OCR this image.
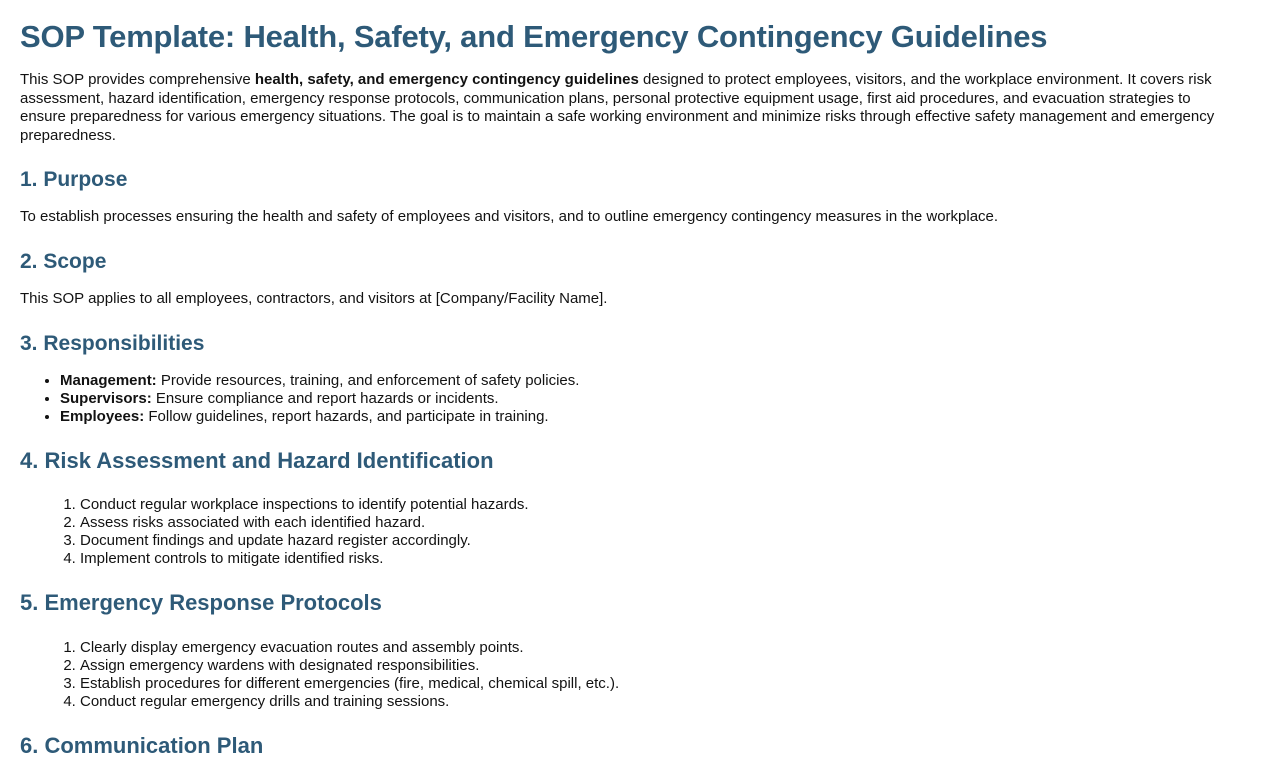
SOP Template: Health, Safety, and Emergency Contingency Guidelines

This SOP provides comprehensive health, safety, and emergency contingency guidelines designed to protect employees, visitors, and the workplace environment. It covers risk assessment, hazard identification, emergency response protocols, communication plans, personal protective equipment usage, first aid procedures, and evacuation strategies to ensure preparedness for various emergency situations. The goal is to maintain a safe working environment and minimize risks through effective safety management and emergency preparedness.

1. Purpose

To establish processes ensuring the health and safety of employees and visitors, and to outline emergency contingency measures in the workplace.

2. Scope

This SOP applies to all employees, contractors, and visitors at [Company/Facility Name].

3. Responsibilities
• Management: Provide resources, training, and enforcement of safety policies.
• Supervisors: Ensure compliance and report hazards or incidents.
• Employees: Follow guidelines, report hazards, and participate in training.
4. Risk Assessment and Hazard Identification
1. Conduct regular workplace inspections to identify potential hazards.
2. Assess risks associated with each identified hazard.
3. Document findings and update hazard register accordingly.
4. Implement controls to mitigate identified risks.
5. Emergency Response Protocols
1. Clearly display emergency evacuation routes and assembly points.
2. Assign emergency wardens with designated responsibilities.
3. Establish procedures for different emergencies (fire, medical, chemical spill, etc.).
4. Conduct regular emergency drills and training sessions.
6. Communication Plan
